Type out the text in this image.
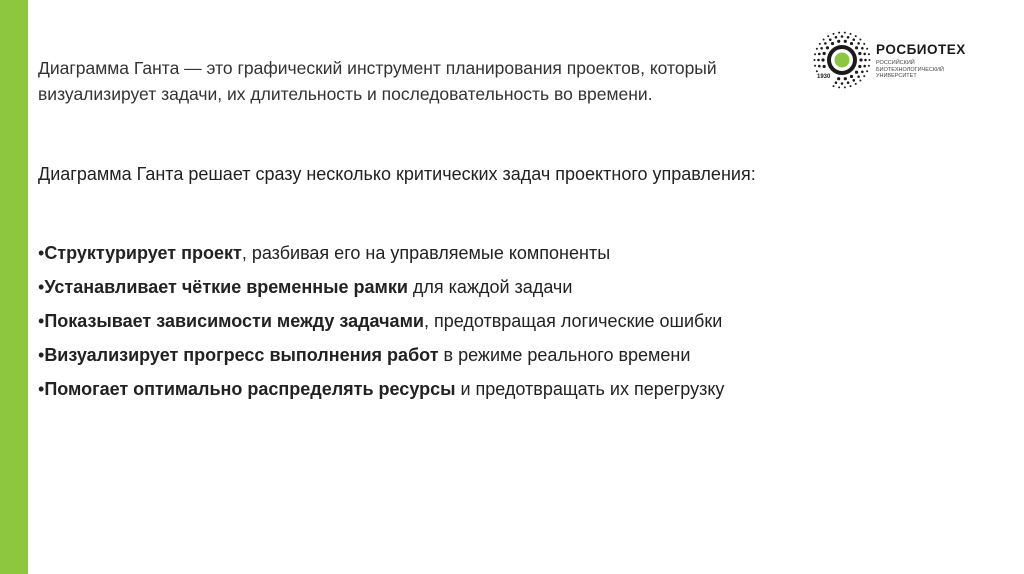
1930
РОСБИОТЕХ
РОССИЙСКИЙ
БИОТЕХНОЛОГИЧЕСКИЙ
УНИВЕРСИТЕТ
Диаграмма Ганта — это графический инструмент планирования проектов, который визуализирует задачи, их длительность и последовательность во времени.
Диаграмма Ганта решает сразу несколько критических задач проектного управления:
•Структурирует проект, разбивая его на управляемые компоненты
•Устанавливает чёткие временные рамки для каждой задачи
•Показывает зависимости между задачами, предотвращая логические ошибки
•Визуализирует прогресс выполнения работ в режиме реального времени
•Помогает оптимально распределять ресурсы и предотвращать их перегрузку
